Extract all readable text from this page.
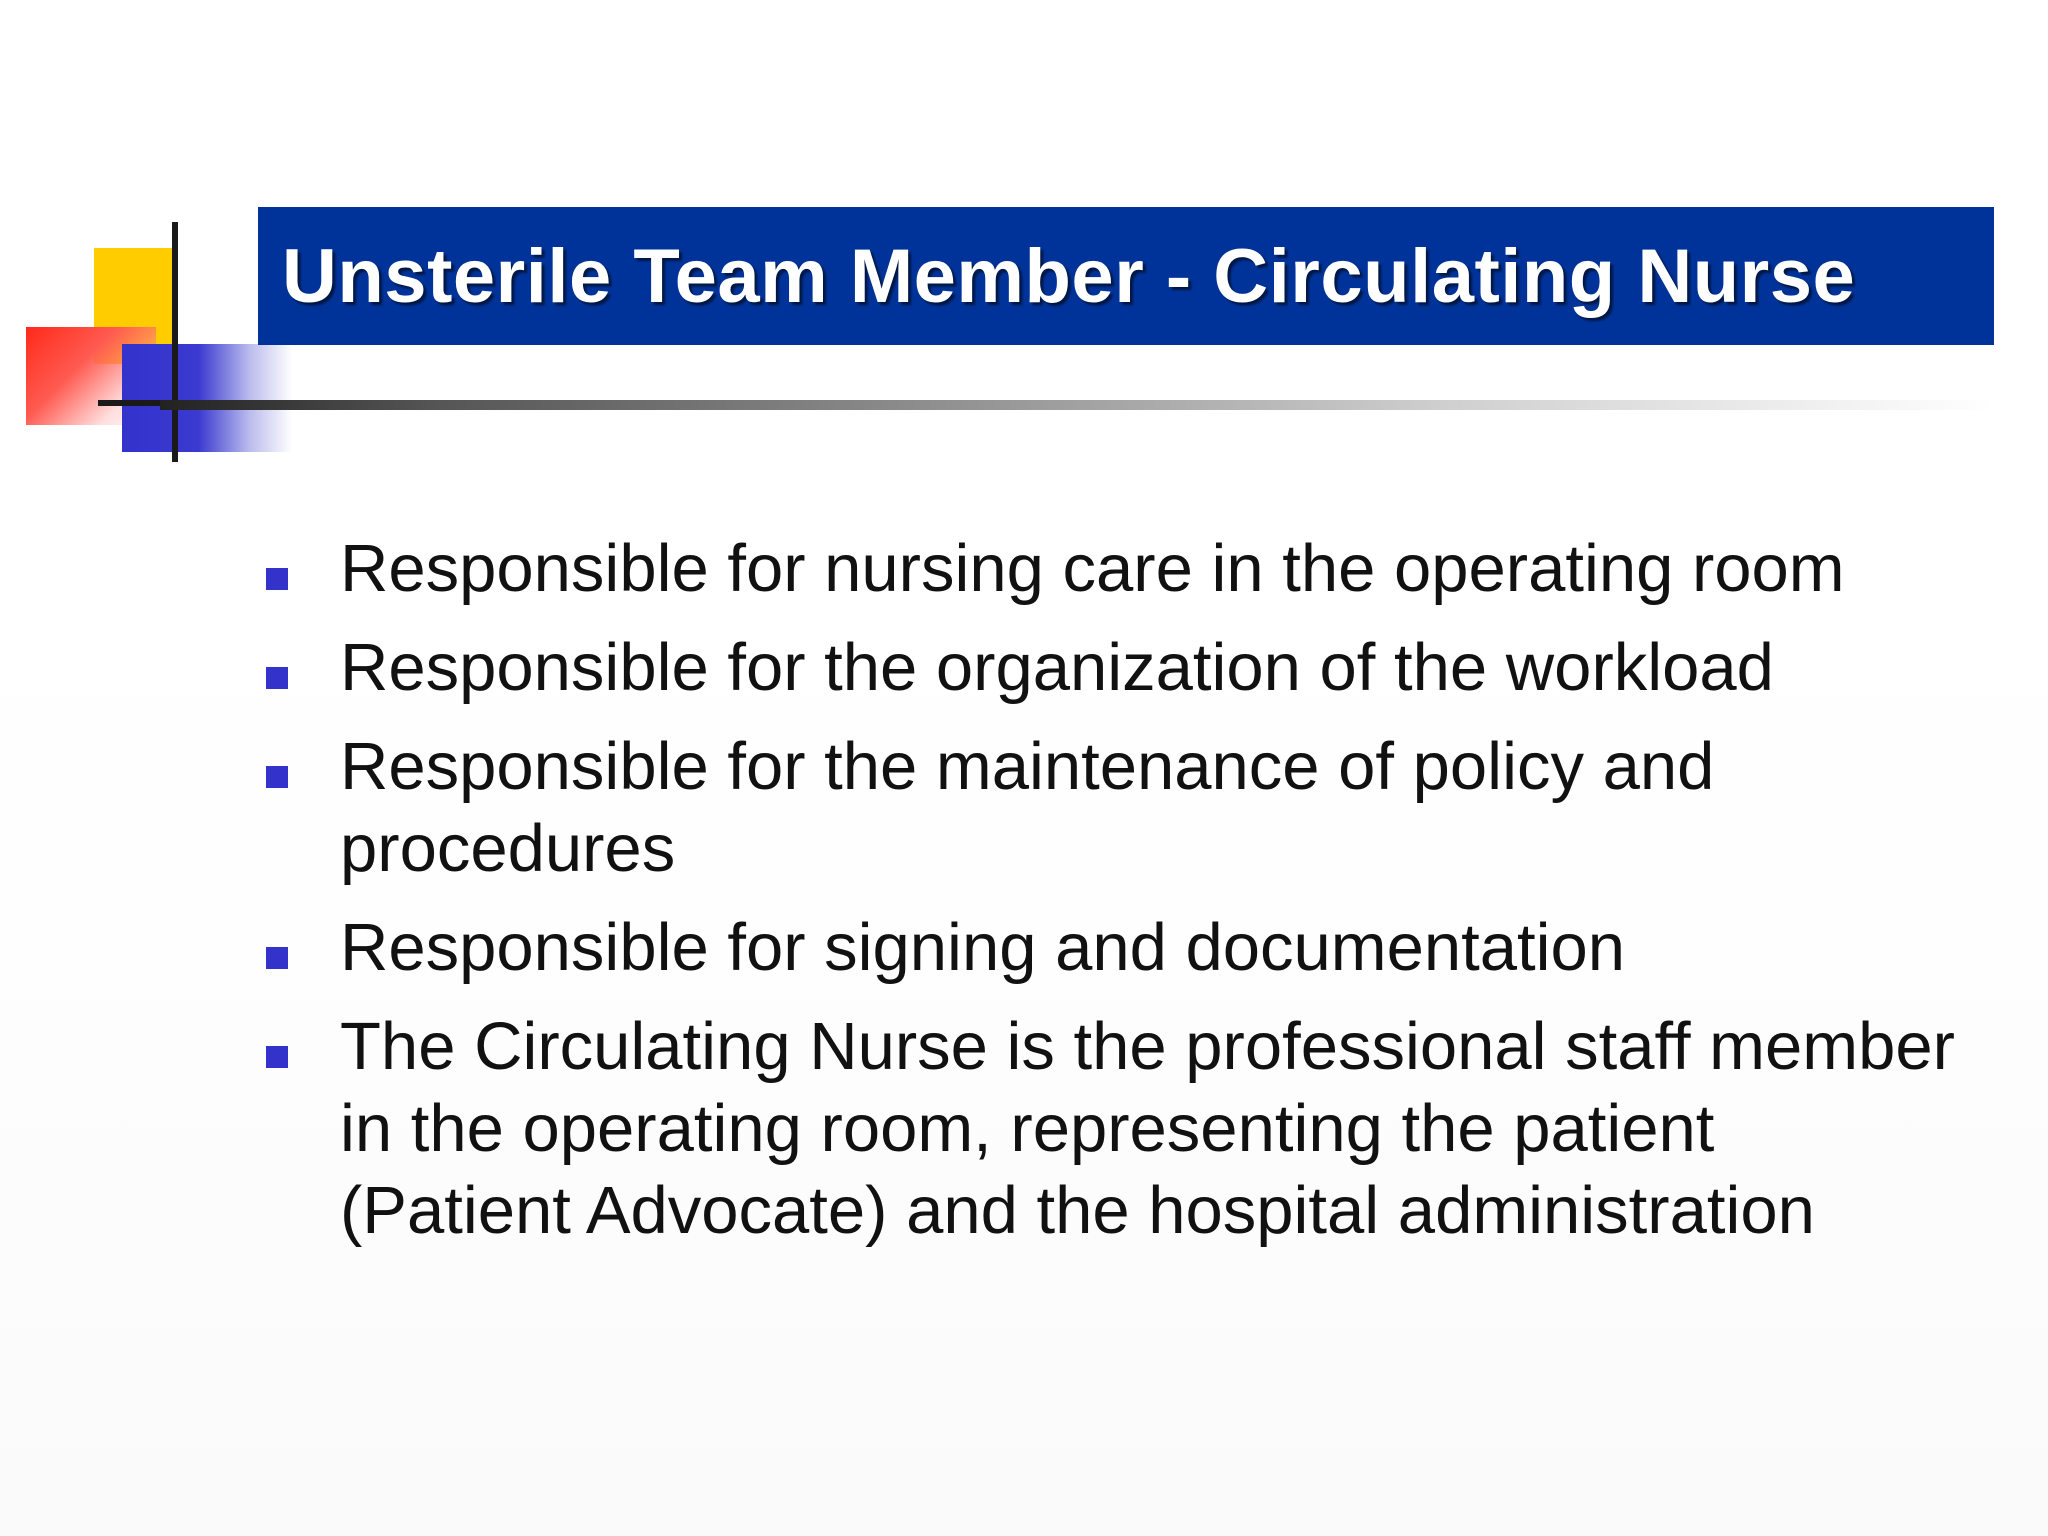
Unsterile Team Member - Circulating Nurse
Responsible for nursing care in the operating room
Responsible for the organization of the workload
Responsible for the maintenance of policy and procedures
Responsible for signing and documentation
The Circulating Nurse is the professional staff member in the operating room, representing the patient (Patient Advocate) and the hospital administration
